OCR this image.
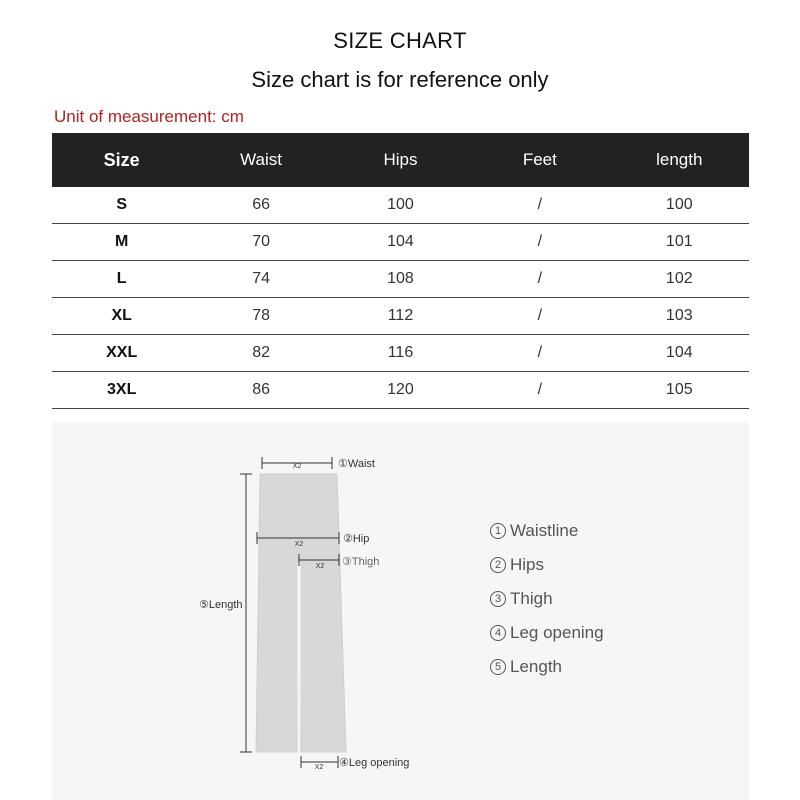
SIZE CHART
Size chart is for reference only
Unit of measurement: cm
Size	Waist	Hips	Feet	length
S	66	100	/	100
M	70	104	/	101
L	74	108	/	102
XL	78	112	/	103
XXL	82	116	/	104
3XL	86	120	/	105
X2	①Waist
X2	②Hip
X2 ③Thigh
⑤Length
X2 ④Leg opening
1 Waistline
2 Hips
3 Thigh
4 Leg opening
5 Length
